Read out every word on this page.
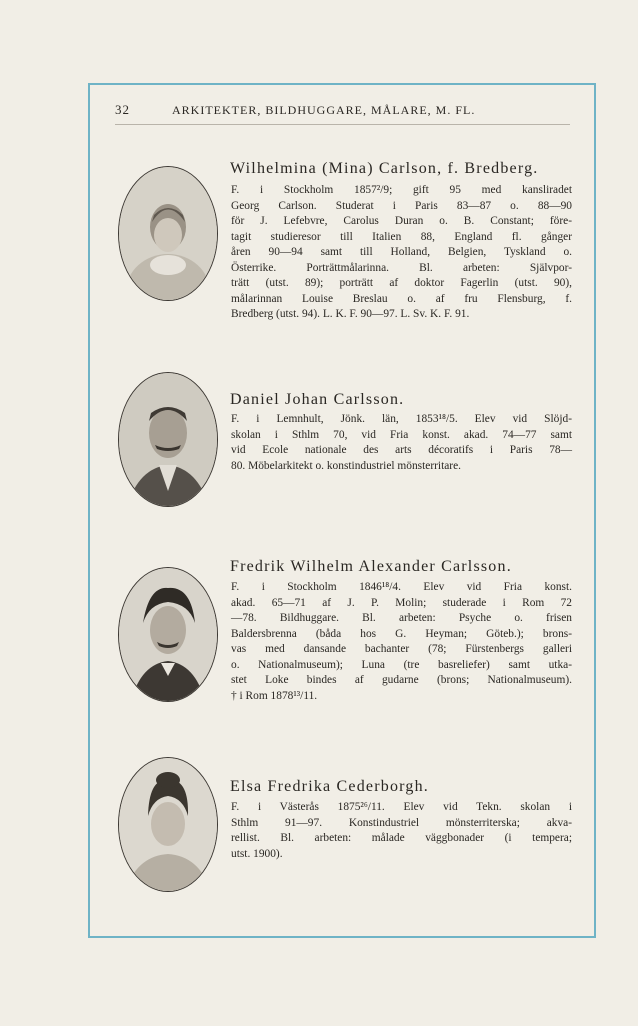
32	ARKITEKTER, BILDHUGGARE, MÅLARE, M. FL.
Wilhelmina (Mina) Carlson, f. Bredberg.

F. i Stockholm 1857²/9; gift 95 med kansliradet
Georg Carlson. Studerat i Paris 83—87 o. 88—90
för J. Lefebvre, Carolus Duran o. B. Constant; före-
tagit studieresor till Italien 88, England fl. gånger
åren 90—94 samt till Holland, Belgien, Tyskland o.
Österrike. Porträttmålarinna. Bl. arbeten: Självpor-
trätt (utst. 89); porträtt af doktor Fagerlin (utst. 90),
målarinnan Louise Breslau o. af fru Flensburg, f.
Bredberg (utst. 94). L. K. F. 90—97. L. Sv. K. F. 91.

Daniel Johan Carlsson.

F. i Lemnhult, Jönk. län, 1853¹⁸/5. Elev vid Slöjd-
skolan i Sthlm 70, vid Fria konst. akad. 74—77 samt
vid Ecole nationale des arts décoratifs i Paris 78—
80. Möbelarkitekt o. konstindustriel mönsterritare.

Fredrik Wilhelm Alexander Carlsson.

F. i Stockholm 1846¹⁸/4. Elev vid Fria konst.
akad. 65—71 af J. P. Molin; studerade i Rom 72
—78. Bildhuggare. Bl. arbeten: Psyche o. frisen
Baldersbrenna (båda hos G. Heyman; Göteb.); brons-
vas med dansande bachanter (78; Fürstenbergs galleri
o. Nationalmuseum); Luna (tre basreliefer) samt utka-
stet Loke bindes af gudarne (brons; Nationalmuseum).
† i Rom 1878¹³/11.

Elsa Fredrika Cederborgh.

F. i Västerås 1875²⁶/11. Elev vid Tekn. skolan i
Sthlm 91—97. Konstindustriel mönsterriterska; akva-
rellist. Bl. arbeten: målade väggbonader (i tempera;
utst. 1900).
